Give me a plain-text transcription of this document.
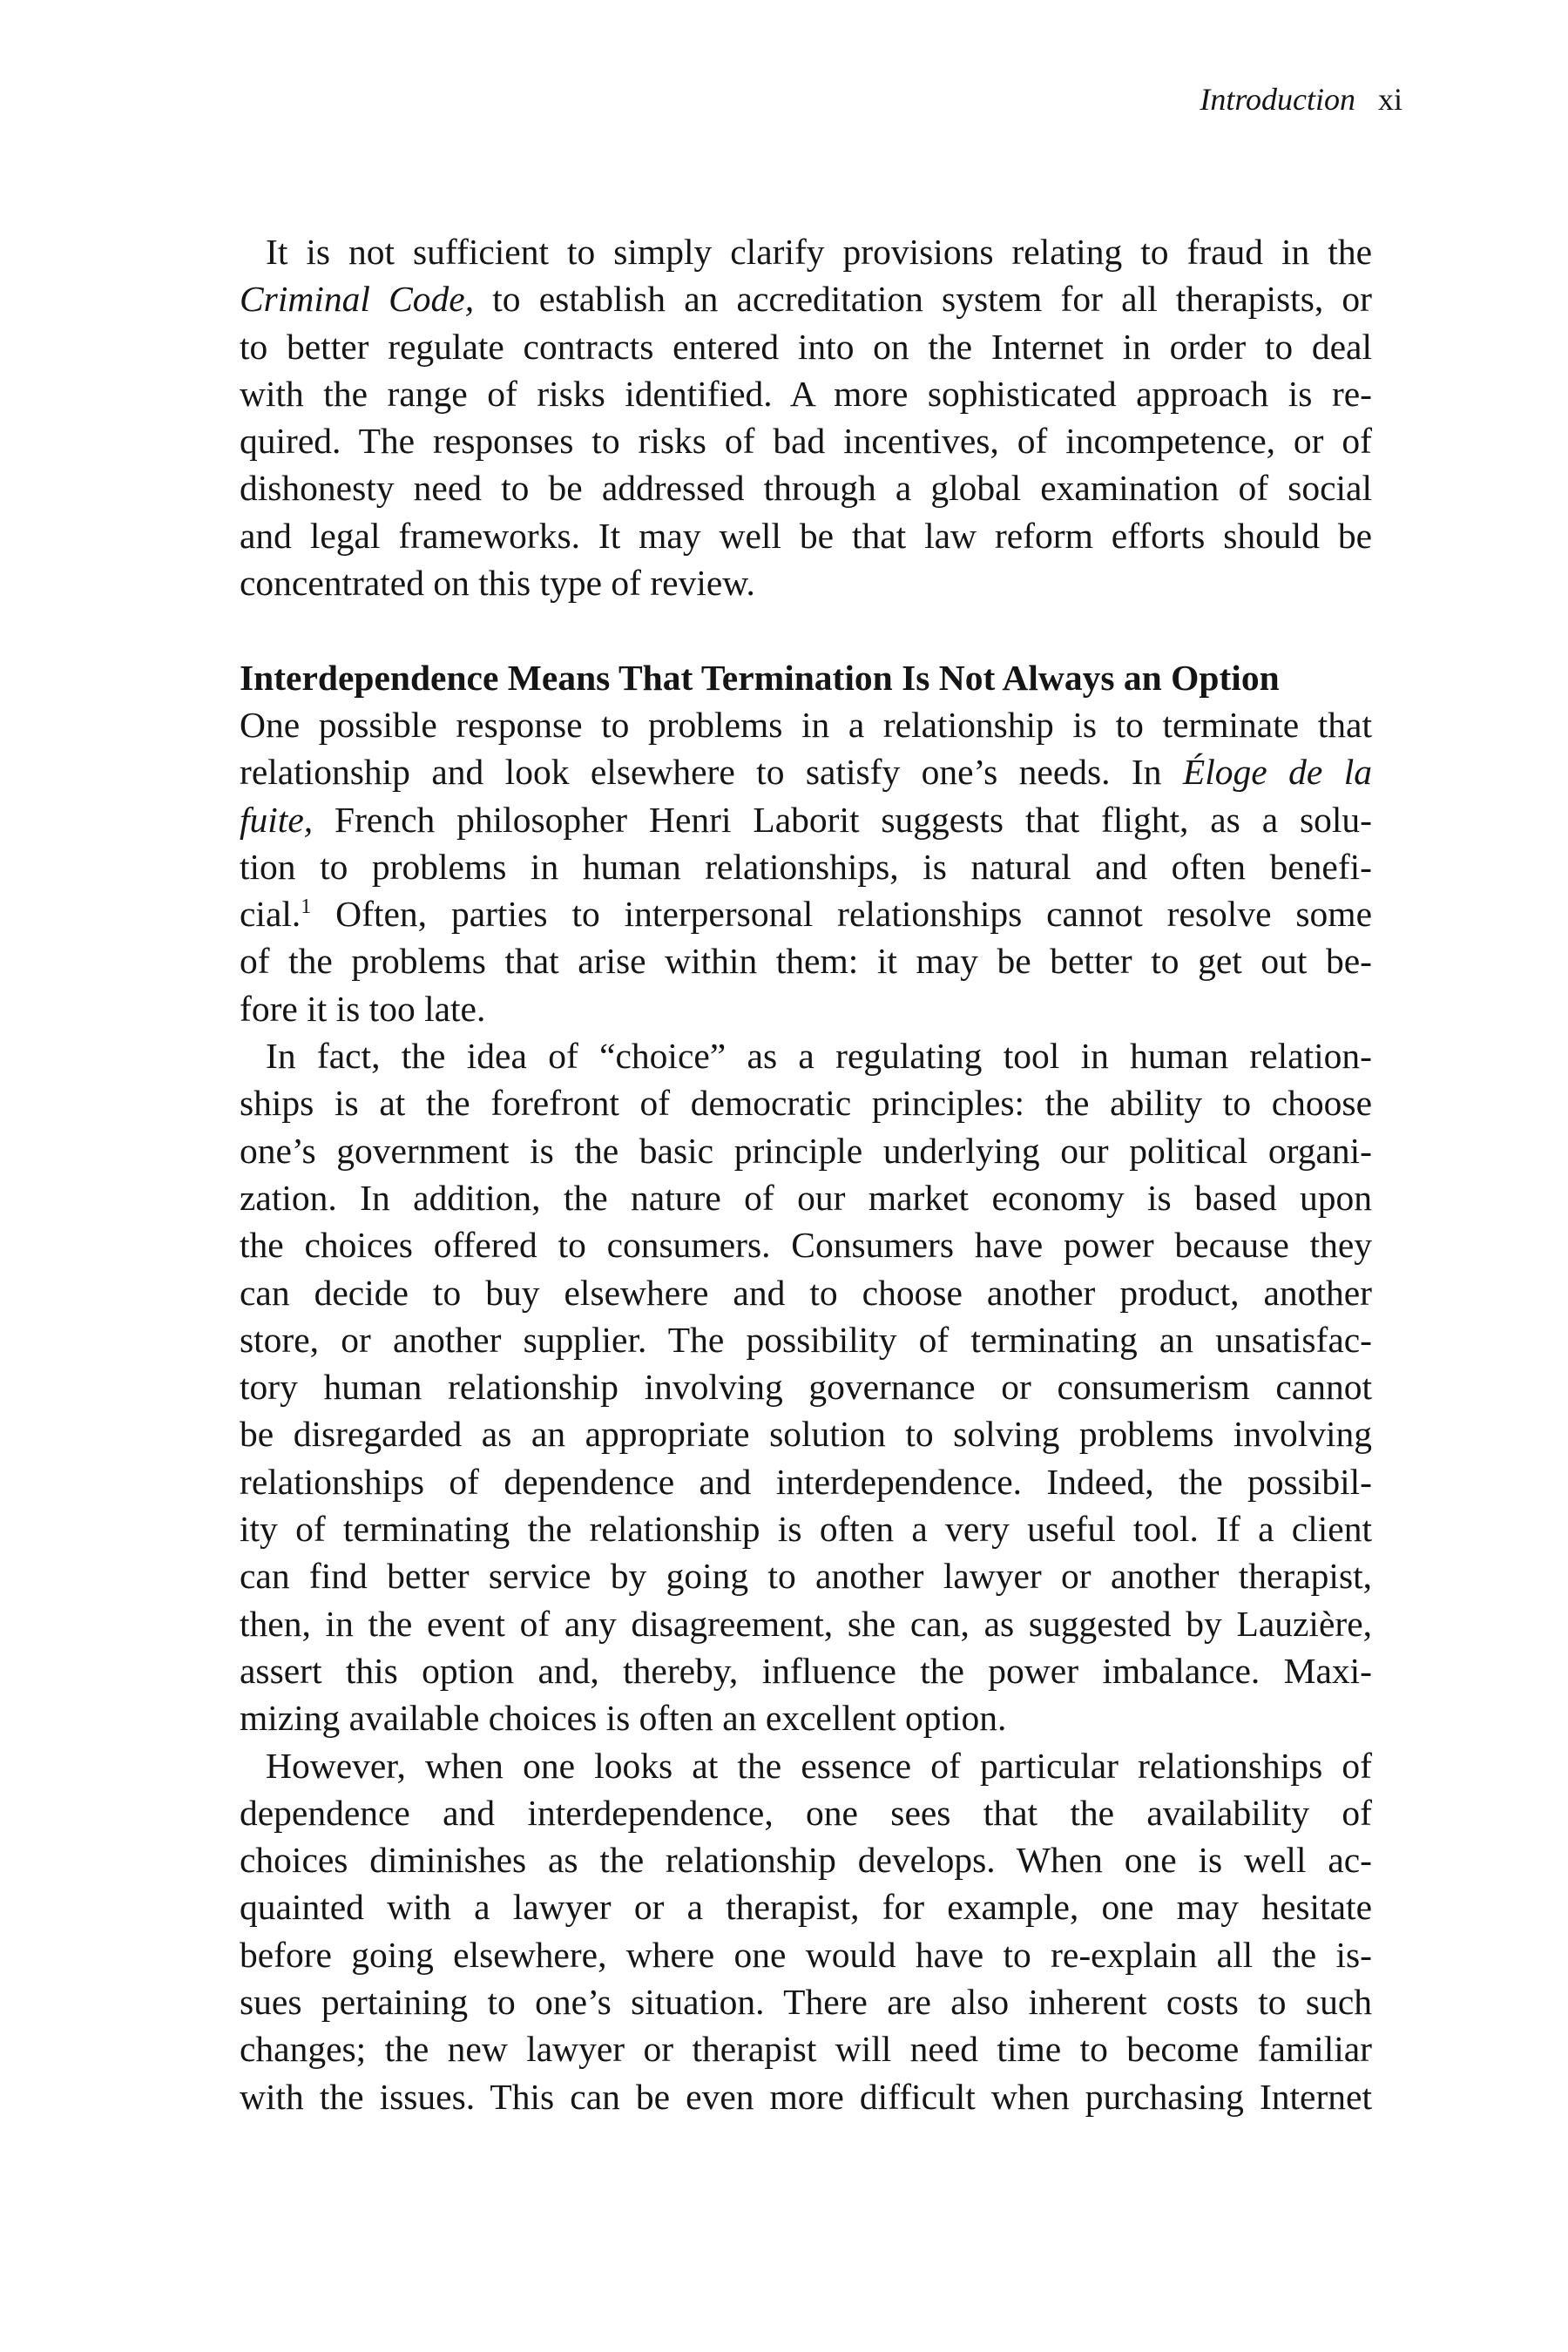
Introduction xi
It is not sufficient to simply clarify provisions relating to fraud in the
Criminal Code, to establish an accreditation system for all therapists, or
to better regulate contracts entered into on the Internet in order to deal
with the range of risks identified. A more sophisticated approach is re-
quired. The responses to risks of bad incentives, of incompetence, or of
dishonesty need to be addressed through a global examination of social
and legal frameworks. It may well be that law reform efforts should be
concentrated on this type of review.
Interdependence Means That Termination Is Not Always an Option
One possible response to problems in a relationship is to terminate that
relationship and look elsewhere to satisfy one’s needs. In Éloge de la
fuite, French philosopher Henri Laborit suggests that flight, as a solu-
tion to problems in human relationships, is natural and often benefi-
cial.$^1$ Often, parties to interpersonal relationships cannot resolve some
of the problems that arise within them: it may be better to get out be-
fore it is too late.
In fact, the idea of “choice” as a regulating tool in human relation-
ships is at the forefront of democratic principles: the ability to choose
one’s government is the basic principle underlying our political organi-
zation. In addition, the nature of our market economy is based upon
the choices offered to consumers. Consumers have power because they
can decide to buy elsewhere and to choose another product, another
store, or another supplier. The possibility of terminating an unsatisfac-
tory human relationship involving governance or consumerism cannot
be disregarded as an appropriate solution to solving problems involving
relationships of dependence and interdependence. Indeed, the possibil-
ity of terminating the relationship is often a very useful tool. If a client
can find better service by going to another lawyer or another therapist,
then, in the event of any disagreement, she can, as suggested by Lauzière,
assert this option and, thereby, influence the power imbalance. Maxi-
mizing available choices is often an excellent option.
However, when one looks at the essence of particular relationships of
dependence and interdependence, one sees that the availability of
choices diminishes as the relationship develops. When one is well ac-
quainted with a lawyer or a therapist, for example, one may hesitate
before going elsewhere, where one would have to re-explain all the is-
sues pertaining to one’s situation. There are also inherent costs to such
changes; the new lawyer or therapist will need time to become familiar
with the issues. This can be even more difficult when purchasing Internet
